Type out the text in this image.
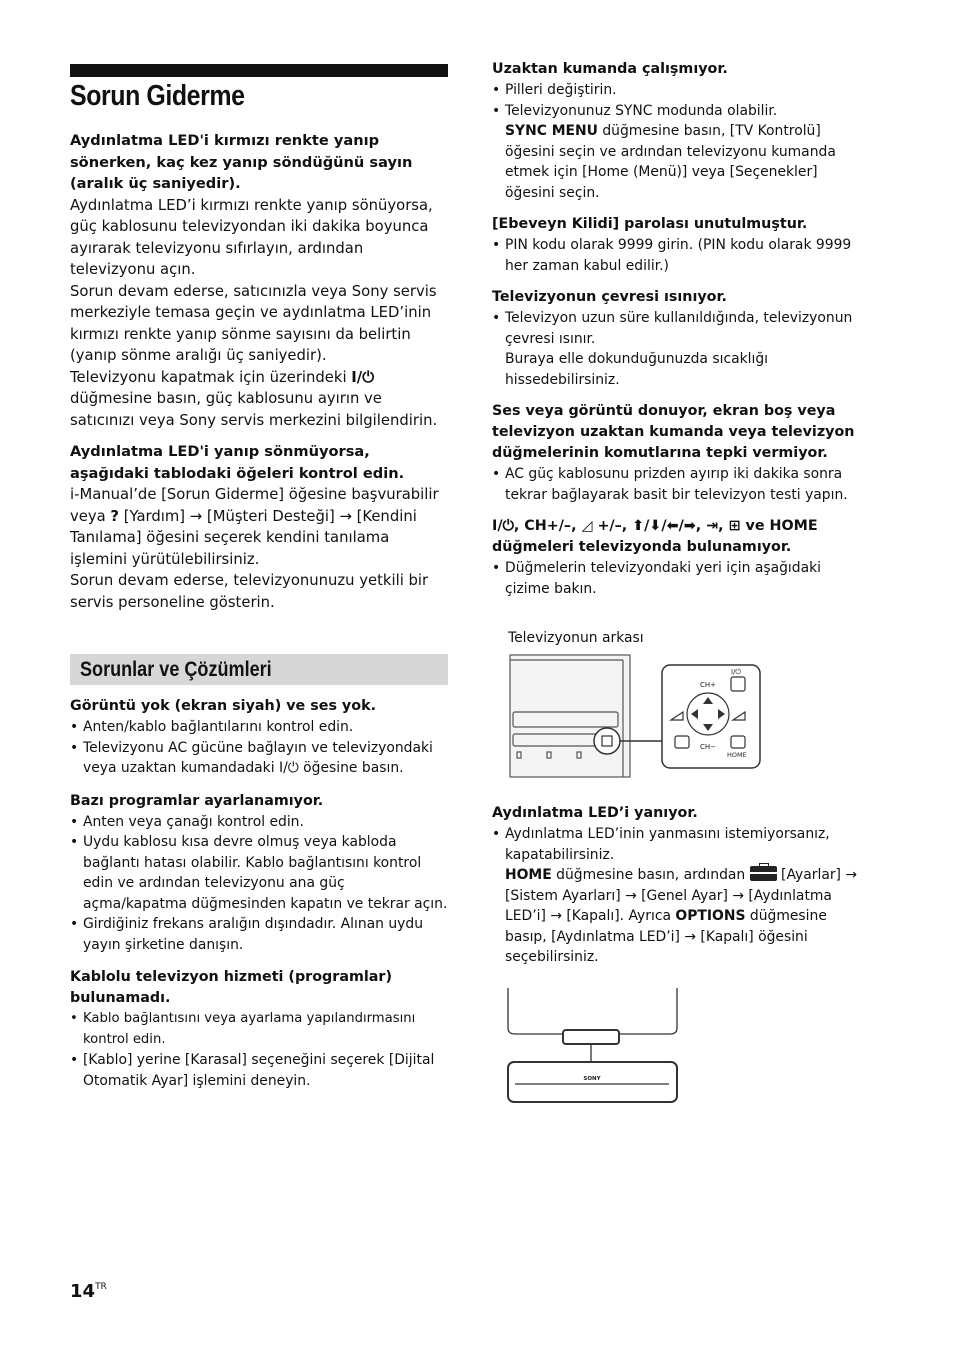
Sorun Giderme

Aydınlatma LED'i kırmızı renkte yanıp sönerken, kaç kez yanıp söndüğünü sayın (aralık üç saniyedir).

Aydınlatma LED’i kırmızı renkte yanıp sönüyorsa, güç kablosunu televizyondan iki dakika boyunca ayırarak televizyonu sıfırlayın, ardından televizyonu açın.

Sorun devam ederse, satıcınızla veya Sony servis merkeziyle temasa geçin ve aydınlatma LED’inin kırmızı renkte yanıp sönme sayısını da belirtin (yanıp sönme aralığı üç saniyedir).

Televizyonu kapatmak için üzerindeki I/⏻ düğmesine basın, güç kablosunu ayırın ve satıcınızı veya Sony servis merkezini bilgilendirin.

Aydınlatma LED'i yanıp sönmüyorsa, aşağıdaki tablodaki öğeleri kontrol edin.

i-Manual’de [Sorun Giderme] öğesine başvurabilir veya ? [Yardım] → [Müşteri Desteği] → [Kendini Tanılama] öğesini seçerek kendini tanılama işlemini yürütülebilirsiniz.

Sorun devam ederse, televizyonunuzu yetkili bir servis personeline gösterin.

Sorunlar ve Çözümleri

Görüntü yok (ekran siyah) ve ses yok.

• Anten/kablo bağlantılarını kontrol edin.
• Televizyonu AC gücüne bağlayın ve televizyondaki veya uzaktan kumandadaki I/⏻ öğesine basın.

Bazı programlar ayarlanamıyor.

• Anten veya çanağı kontrol edin.
• Uydu kablosu kısa devre olmuş veya kabloda bağlantı hatası olabilir. Kablo bağlantısını kontrol edin ve ardından televizyonu ana güç açma/kapatma düğmesinden kapatın ve tekrar açın.
• Girdiğiniz frekans aralığın dışındadır. Alınan uydu yayın şirketine danışın.

Kablolu televizyon hizmeti (programlar) bulunamadı.

• Kablo bağlantısını veya ayarlama yapılandırmasını kontrol edin.
• [Kablo] yerine [Karasal] seçeneğini seçerek [Dijital Otomatik Ayar] işlemini deneyin.

Uzaktan kumanda çalışmıyor.

• Pilleri değiştirin.
• Televizyonunuz SYNC modunda olabilir.
SYNC MENU düğmesine basın, [TV Kontrolü] öğesini seçin ve ardından televizyonu kumanda etmek için [Home (Menü)] veya [Seçenekler] öğesini seçin.

[Ebeveyn Kilidi] parolası unutulmuştur.

• PIN kodu olarak 9999 girin. (PIN kodu olarak 9999 her zaman kabul edilir.)

Televizyonun çevresi ısınıyor.

• Televizyon uzun süre kullanıldığında, televizyonun çevresi ısınır.
Buraya elle dokunduğunuzda sıcaklığı hissedebilirsiniz.

Ses veya görüntü donuyor, ekran boş veya televizyon uzaktan kumanda veya televizyon düğmelerinin komutlarına tepki vermiyor.

• AC güç kablosunu prizden ayırıp iki dakika sonra tekrar bağlayarak basit bir televizyon testi yapın.

I/⏻, CH+/–, ◿ +/–, ⬆/⬇/⬅/➡, ⇥, ⊞ ve HOME düğmeleri televizyonda bulunamıyor.

• Düğmelerin televizyondaki yeri için aşağıdaki çizime bakın.
Televizyonun arkası
CH+
CH−
I/⏻
HOME

Aydınlatma LED’i yanıyor.

• Aydınlatma LED’inin yanmasını istemiyorsanız, kapatabilirsiniz.
HOME düğmesine basın, ardından	[Ayarlar] → [Sistem Ayarları] → [Genel Ayar] → [Aydınlatma LED’i] → [Kapalı]. Ayrıca OPTIONS düğmesine basıp, [Aydınlatma LED’i] → [Kapalı] öğesini seçebilirsiniz.
SONY
$14^{TR}$
